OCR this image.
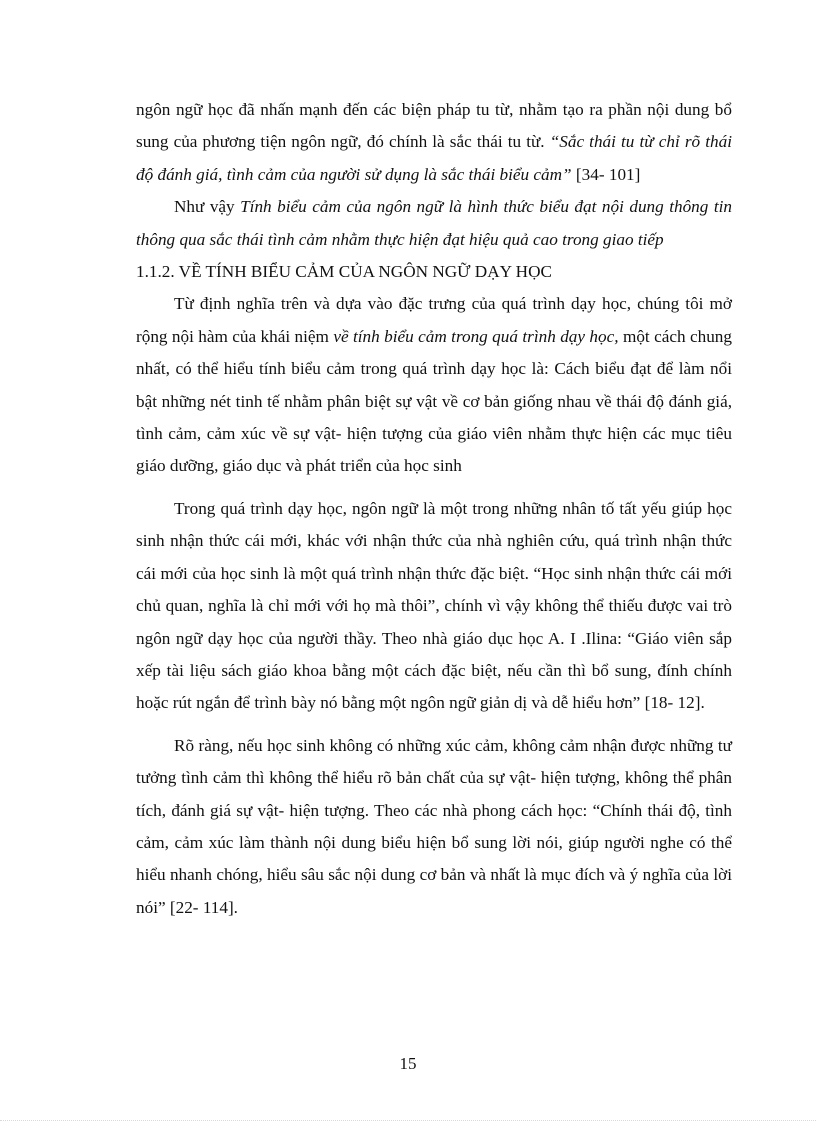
ngôn ngữ học đã nhấn mạnh đến các biện pháp tu từ, nhằm tạo ra phần nội dung bổ sung của phương tiện ngôn ngữ, đó chính là sắc thái tu từ. “Sắc thái tu từ chỉ rõ thái độ đánh giá, tình cảm của người sử dụng là sắc thái biểu cảm” [34- 101]

Như vậy Tính biểu cảm của ngôn ngữ là hình thức biểu đạt nội dung thông tin thông qua sắc thái tình cảm nhằm thực hiện đạt hiệu quả cao trong giao tiếp

1.1.2. VỀ TÍNH BIỂU CẢM CỦA NGÔN NGỮ DẠY HỌC

Từ định nghĩa trên và dựa vào đặc trưng của quá trình dạy học, chúng tôi mở rộng nội hàm của khái niệm về tính biểu cảm trong quá trình dạy học, một cách chung nhất, có thể hiểu tính biểu cảm trong quá trình dạy học là: Cách biểu đạt để làm nổi bật những nét tinh tế nhằm phân biệt sự vật về cơ bản giống nhau về thái độ đánh giá, tình cảm, cảm xúc về sự vật- hiện tượng của giáo viên nhằm thực hiện các mục tiêu giáo dưỡng, giáo dục và phát triển của học sinh

Trong quá trình dạy học, ngôn ngữ là một trong những nhân tố tất yếu giúp học sinh nhận thức cái mới, khác với nhận thức của nhà nghiên cứu, quá trình nhận thức cái mới của học sinh là một quá trình nhận thức đặc biệt. “Học sinh nhận thức cái mới chủ quan, nghĩa là chỉ mới với họ mà thôi”, chính vì vậy không thể thiếu được vai trò ngôn ngữ dạy học của người thầy. Theo nhà giáo dục học A. I .Ilina: “Giáo viên sắp xếp tài liệu sách giáo khoa bằng một cách đặc biệt, nếu cần thì bổ sung, đính chính hoặc rút ngắn để trình bày nó bằng một ngôn ngữ giản dị và dễ hiểu hơn” [18- 12].

Rõ ràng, nếu học sinh không có những xúc cảm, không cảm nhận được những tư tưởng tình cảm thì không thể hiểu rõ bản chất của sự vật- hiện tượng, không thể phân tích, đánh giá sự vật- hiện tượng. Theo các nhà phong cách học: “Chính thái độ, tình cảm, cảm xúc làm thành nội dung biểu hiện bổ sung lời nói, giúp người nghe có thể hiểu nhanh chóng, hiểu sâu sắc nội dung cơ bản và nhất là mục đích và ý nghĩa của lời nói” [22- 114].

15
